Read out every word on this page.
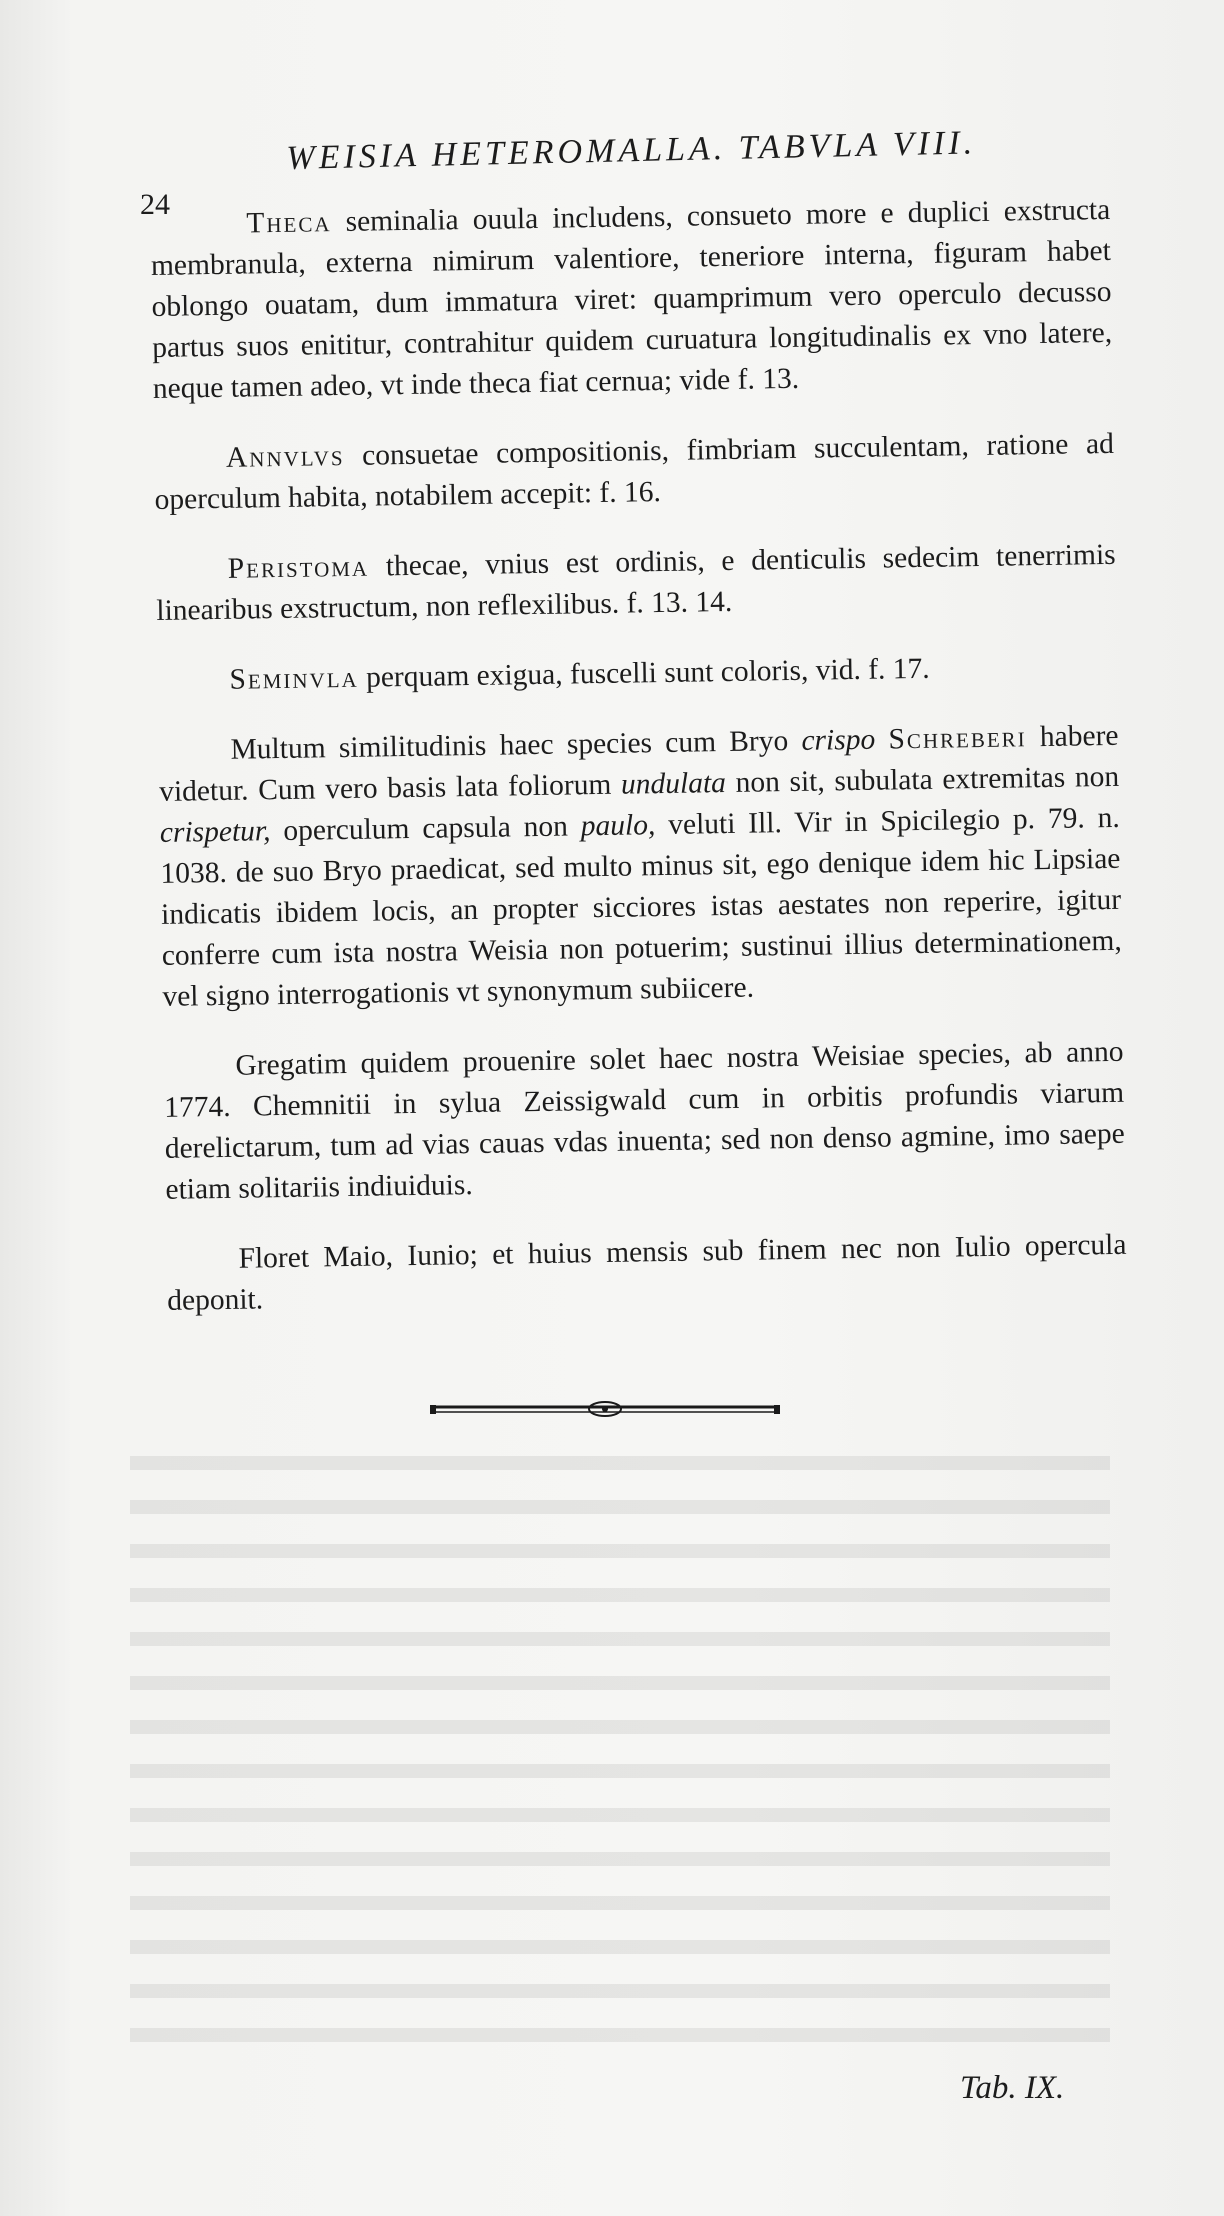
24
WEISIA HETEROMALLA. TABVLA VIII.

Theca seminalia ouula includens, consueto more e duplici exstructa membranula, externa nimirum valentiore, teneriore interna, figuram habet oblongo ouatam, dum immatura viret: quamprimum vero operculo decusso partus suos enititur, contrahitur quidem curuatura longitudinalis ex vno latere, neque tamen adeo, vt inde theca fiat cernua; vide f. 13.

Annvlvs consuetae compositionis, fimbriam succulentam, ratione ad operculum habita, notabilem accepit: f. 16.

Peristoma thecae, vnius est ordinis, e denticulis sedecim tenerrimis linearibus exstructum, non reflexilibus. f. 13. 14.

Seminvla perquam exigua, fuscelli sunt coloris, vid. f. 17.

Multum similitudinis haec species cum Bryo crispo Schreberi habere videtur. Cum vero basis lata foliorum undulata non sit, subulata extremitas non crispetur, operculum capsula non paulo, veluti Ill. Vir in Spicilegio p. 79. n. 1038. de suo Bryo praedicat, sed multo minus sit, ego denique idem hic Lipsiae indicatis ibidem locis, an propter sicciores istas aestates non reperire, igitur conferre cum ista nostra Weisia non potuerim; sustinui illius determinationem, vel signo interrogationis vt synonymum subiicere.

Gregatim quidem prouenire solet haec nostra Weisiae species, ab anno 1774. Chemnitii in sylua Zeissigwald cum in orbitis profundis viarum derelictarum, tum ad vias cauas vdas inuenta; sed non denso agmine, imo saepe etiam solitariis indiuiduis.

Floret Maio, Iunio; et huius mensis sub finem nec non Iulio opercula deponit.

Tab. IX.
